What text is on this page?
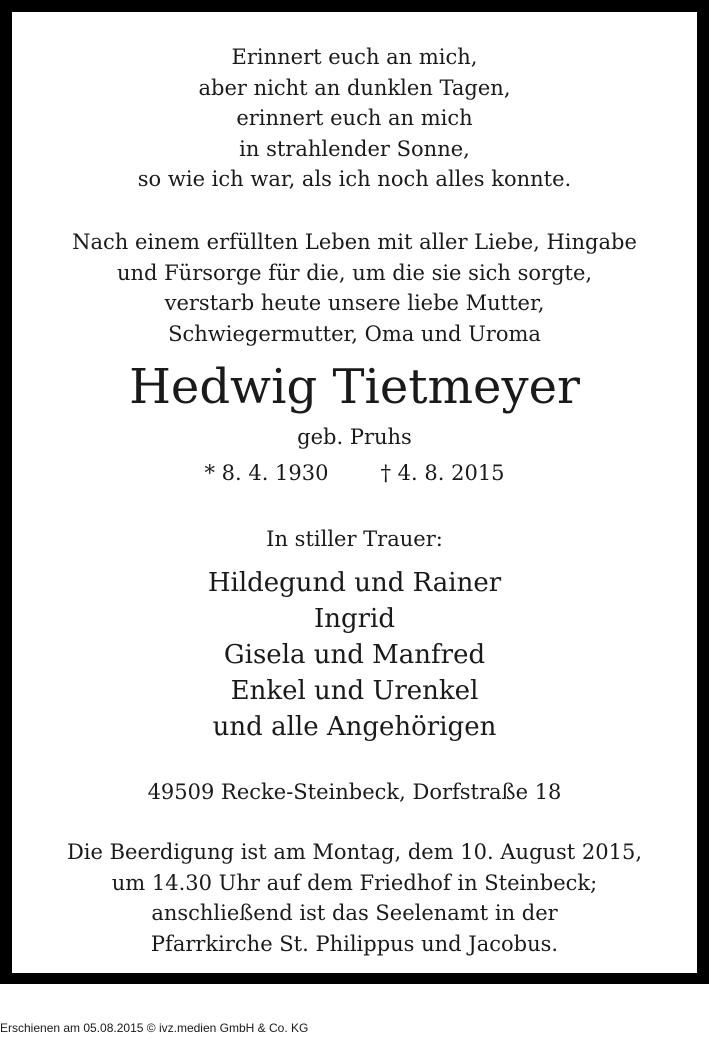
Erinnert euch an mich,
aber nicht an dunklen Tagen,
erinnert euch an mich
in strahlender Sonne,
so wie ich war, als ich noch alles konnte.
Nach einem erfüllten Leben mit aller Liebe, Hingabe
und Fürsorge für die, um die sie sich sorgte,
verstarb heute unsere liebe Mutter,
Schwiegermutter, Oma und Uroma
Hedwig Tietmeyer
geb. Pruhs
* 8. 4. 1930 † 4. 8. 2015
In stiller Trauer:
Hildegund und Rainer
Ingrid
Gisela und Manfred
Enkel und Urenkel
und alle Angehörigen
49509 Recke-Steinbeck, Dorfstraße 18
Die Beerdigung ist am Montag, dem 10. August 2015,
um 14.30 Uhr auf dem Friedhof in Steinbeck;
anschließend ist das Seelenamt in der
Pfarrkirche St. Philippus und Jacobus.
Erschienen am 05.08.2015 © ivz.medien GmbH & Co. KG
